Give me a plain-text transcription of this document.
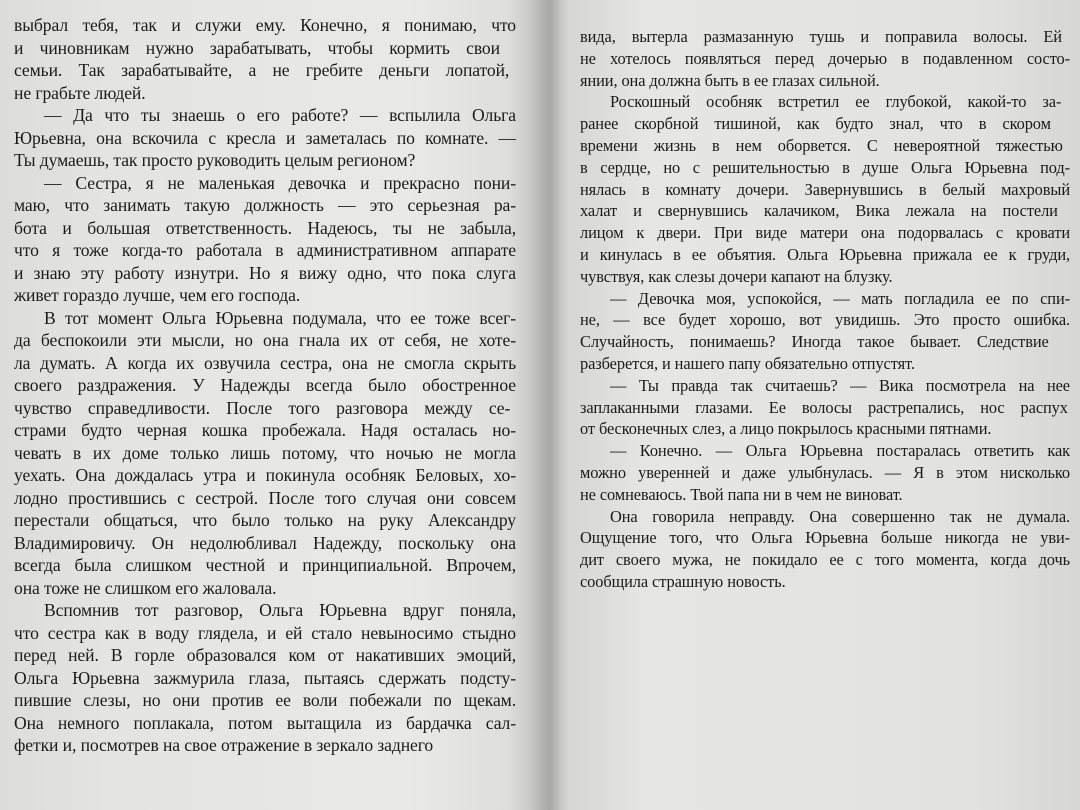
выбрал тебя, так и служи ему. Конечно, я понимаю, что
и чиновникам нужно зарабатывать, чтобы кормить свои
семьи. Так зарабатывайте, а не гребите деньги лопатой,
не грабьте людей.
— Да что ты знаешь о его работе? — вспылила Ольга
Юрьевна, она вскочила с кресла и заметалась по комнате. —
Ты думаешь, так просто руководить целым регионом?
— Сестра, я не маленькая девочка и прекрасно пони-
маю, что занимать такую должность — это серьезная ра-
бота и большая ответственность. Надеюсь, ты не забыла,
что я тоже когда-то работала в административном аппарате
и знаю эту работу изнутри. Но я вижу одно, что пока слуга
живет гораздо лучше, чем его господа.
В тот момент Ольга Юрьевна подумала, что ее тоже всег-
да беспокоили эти мысли, но она гнала их от себя, не хоте-
ла думать. А когда их озвучила сестра, она не смогла скрыть
своего раздражения. У Надежды всегда было обостренное
чувство справедливости. После того разговора между се-
страми будто черная кошка пробежала. Надя осталась но-
чевать в их доме только лишь потому, что ночью не могла
уехать. Она дождалась утра и покинула особняк Беловых, хо-
лодно простившись с сестрой. После того случая они совсем
перестали общаться, что было только на руку Александру
Владимировичу. Он недолюбливал Надежду, поскольку она
всегда была слишком честной и принципиальной. Впрочем,
она тоже не слишком его жаловала.
Вспомнив тот разговор, Ольга Юрьевна вдруг поняла,
что сестра как в воду глядела, и ей стало невыносимо стыдно
перед ней. В горле образовался ком от накативших эмоций,
Ольга Юрьевна зажмурила глаза, пытаясь сдержать подсту-
пившие слезы, но они против ее воли побежали по щекам.
Она немного поплакала, потом вытащила из бардачка сал-
фетки и, посмотрев на свое отражение в зеркало заднего
вида, вытерла размазанную тушь и поправила волосы. Ей
не хотелось появляться перед дочерью в подавленном состо-
янии, она должна быть в ее глазах сильной.
Роскошный особняк встретил ее глубокой, какой-то за-
ранее скорбной тишиной, как будто знал, что в скором
времени жизнь в нем оборвется. С невероятной тяжестью
в сердце, но с решительностью в душе Ольга Юрьевна под-
нялась в комнату дочери. Завернувшись в белый махровый
халат и свернувшись калачиком, Вика лежала на постели
лицом к двери. При виде матери она подорвалась с кровати
и кинулась в ее объятия. Ольга Юрьевна прижала ее к груди,
чувствуя, как слезы дочери капают на блузку.
— Девочка моя, успокойся, — мать погладила ее по спи-
не, — все будет хорошо, вот увидишь. Это просто ошибка.
Случайность, понимаешь? Иногда такое бывает. Следствие
разберется, и нашего папу обязательно отпустят.
— Ты правда так считаешь? — Вика посмотрела на нее
заплаканными глазами. Ее волосы растрепались, нос распух
от бесконечных слез, а лицо покрылось красными пятнами.
— Конечно. — Ольга Юрьевна постаралась ответить как
можно уверенней и даже улыбнулась. — Я в этом нисколько
не сомневаюсь. Твой папа ни в чем не виноват.
Она говорила неправду. Она совершенно так не думала.
Ощущение того, что Ольга Юрьевна больше никогда не уви-
дит своего мужа, не покидало ее с того момента, когда дочь
сообщила страшную новость.
